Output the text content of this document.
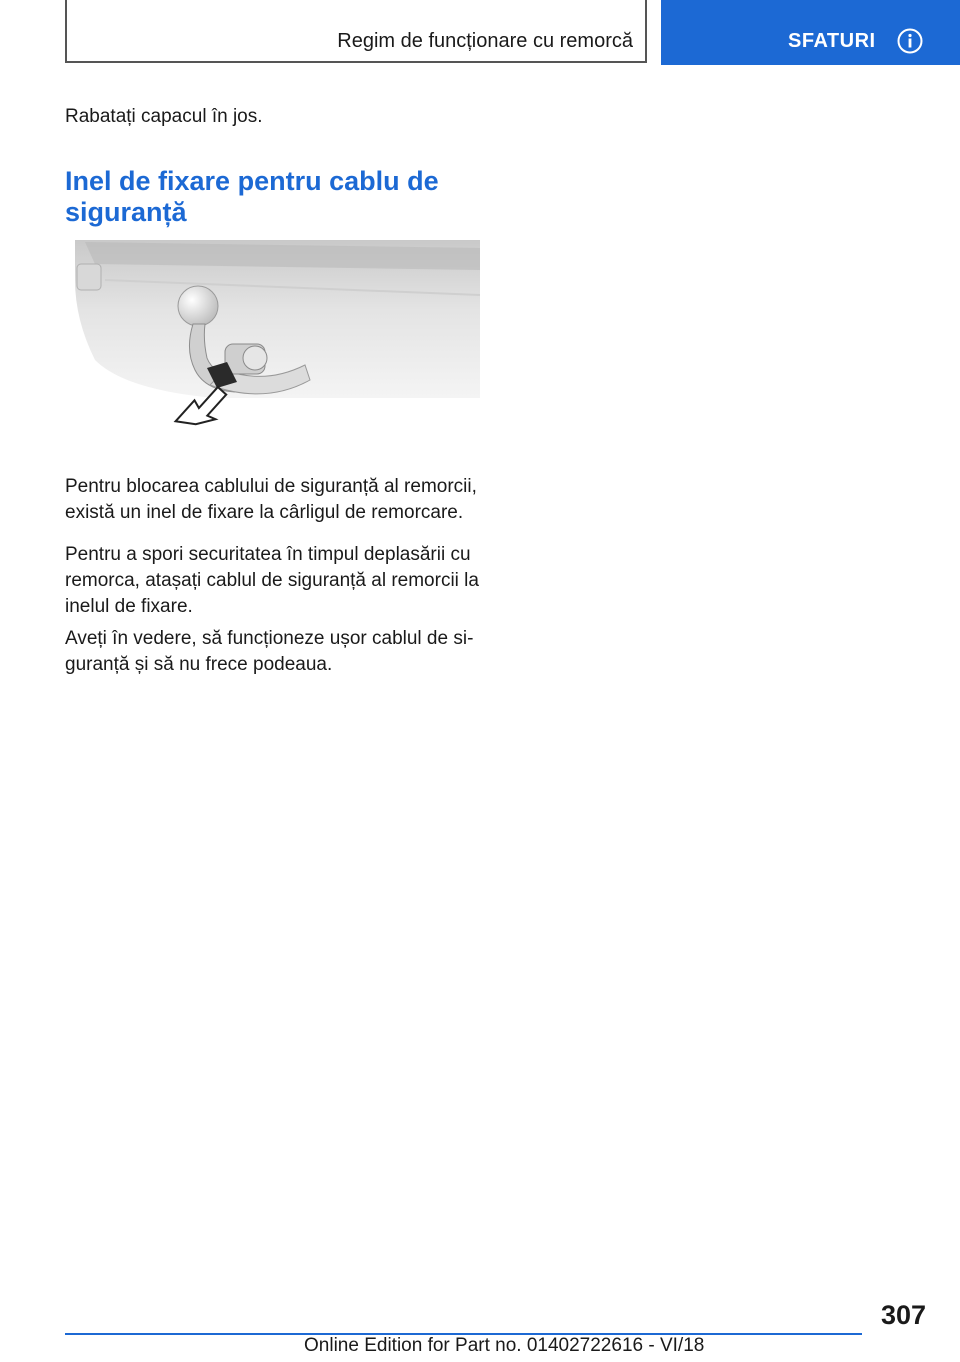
Regim de funcționare cu remorcă	SFATURI
Rabatați capacul în jos.
Inel de fixare pentru cablu de siguranță

Pentru blocarea cablului de siguranță al remorcii, există un inel de fixare la cârligul de remorcare.

Pentru a spori securitatea în timpul deplasării cu remorca, atașați cablul de siguranță al remorcii la inelul de fixare.

Aveți în vedere, să funcționeze ușor cablul de siguranță și să nu frece podeaua.

307
Online Edition for Part no. 01402722616 - VI/18
